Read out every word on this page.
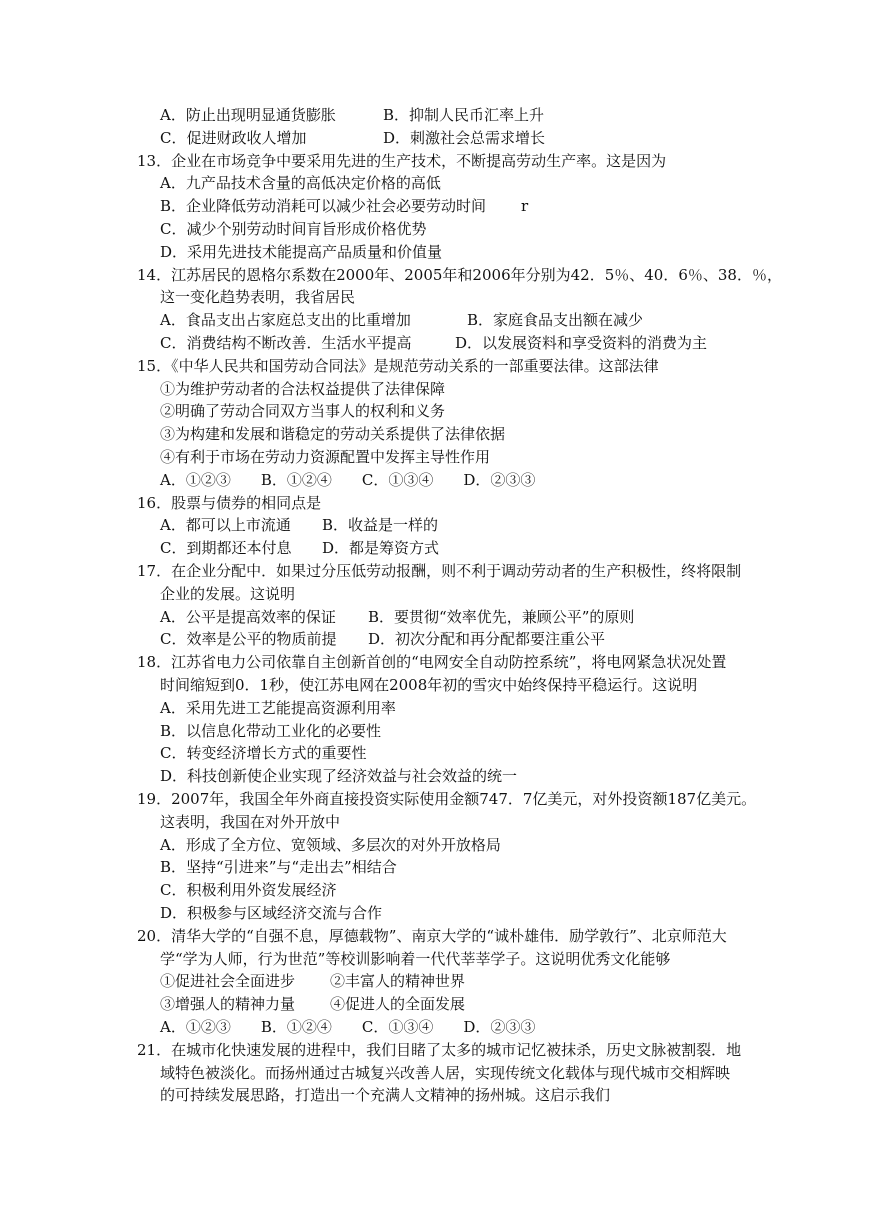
A．防止出现明显通货膨胀	B．抑制人民币汇率上升
C．促进财政收人增加	D．刺激社会总需求增长
13．企业在市场竞争中要采用先进的生产技术，不断提高劳动生产率。这是因为
A．九产品技术含量的高低决定价格的高低
B．企业降低劳动消耗可以减少社会必要劳动时间 r
C．减少个别劳动时间肓旨形成价格优势
D．采用先进技术能提高产品质量和价值量
14．江苏居民的恩格尔系数在2000年、2005年和2006年分别为42．5％、40．6％、38．％，
这一变化趋势表明，我省居民
A．食品支出占家庭总支出的比重增加	B．家庭食品支出额在减少
C．消费结构不断改善．生活水平提高	D．以发展资料和享受资料的消费为主
15．《中华人民共和国劳动合同法》是规范劳动关系的一部重要法律。这部法律
①为维护劳动者的合法权益提供了法律保障
②明确了劳动合同双方当事人的权利和义务
③为构建和发展和谐稳定的劳动关系提供了法律依据
④有利于市场在劳动力资源配置中发挥主导性作用
A．①②③　　B．①②④　　C．①③④　　D．②③③
16．股票与债券的相同点是
A．都可以上市流通 B．收益是一样的
C．到期都还本付息 D．都是筹资方式
17．在企业分配中．如果过分压低劳动报酬，则不利于调动劳动者的生产积极性，终将限制
企业的发展。这说明
A．公平是提高效率的保证 B．要贯彻“效率优先，兼顾公平”的原则
C．效率是公平的物质前提 D．初次分配和再分配都要注重公平
18．江苏省电力公司依靠自主创新首创的“电网安全自动防控系统”，将电网紧急状况处置
时间缩短到0．1秒，使江苏电网在2008年初的雪灾中始终保持平稳运行。这说明
A．采用先进工艺能提高资源利用率
B．以信息化带动工业化的必要性
C．转变经济增长方式的重要性
D．科技创新使企业实现了经济效益与社会效益的统一
19．2007年，我国全年外商直接投资实际使用金额747．7亿美元，对外投资额187亿美元。
这表明，我国在对外开放中
A．形成了全方位、宽领域、多层次的对外开放格局
B．坚持“引进来”与“走出去”相结合
C．积极利用外资发展经济
D．积极参与区域经济交流与合作
20．清华大学的“自强不息，厚德载物”、南京大学的“诚朴雄伟．励学敦行”、北京师范大
学“学为人师，行为世范”等校训影响着一代代莘莘学子。这说明优秀文化能够
①促进社会全面进步 ②丰富人的精神世界
③增强人的精神力量 ④促进人的全面发展
A．①②③　　B．①②④　　C．①③④　　D．②③③
21．在城市化快速发展的进程中，我们目睹了太多的城市记忆被抹杀，历史文脉被割裂．地
域特色被淡化。而扬州通过古城复兴改善人居，实现传统文化载体与现代城市交相辉映
的可持续发展思路，打造出一个充满人文精神的扬州城。这启示我们
